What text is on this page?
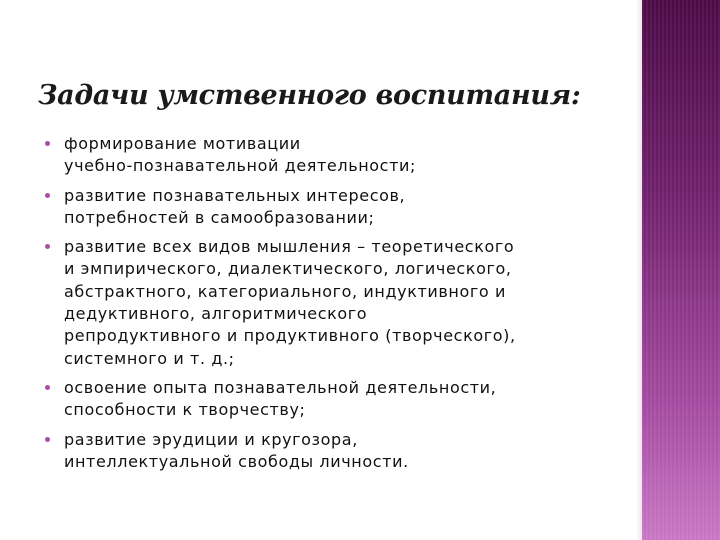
Задачи умственного воспитания:
формирование мотивации
учебно-познавательной деятельности;
развитие познавательных интересов,
потребностей в самообразовании;
развитие всех видов мышления – теоретического
и эмпирического, диалектического, логического,
абстрактного, категориального, индуктивного и
дедуктивного, алгоритмического
репродуктивного и продуктивного (творческого),
системного и т. д.;
освоение опыта познавательной деятельности,
способности к творчеству;
развитие эрудиции и кругозора,
интеллектуальной свободы личности.
